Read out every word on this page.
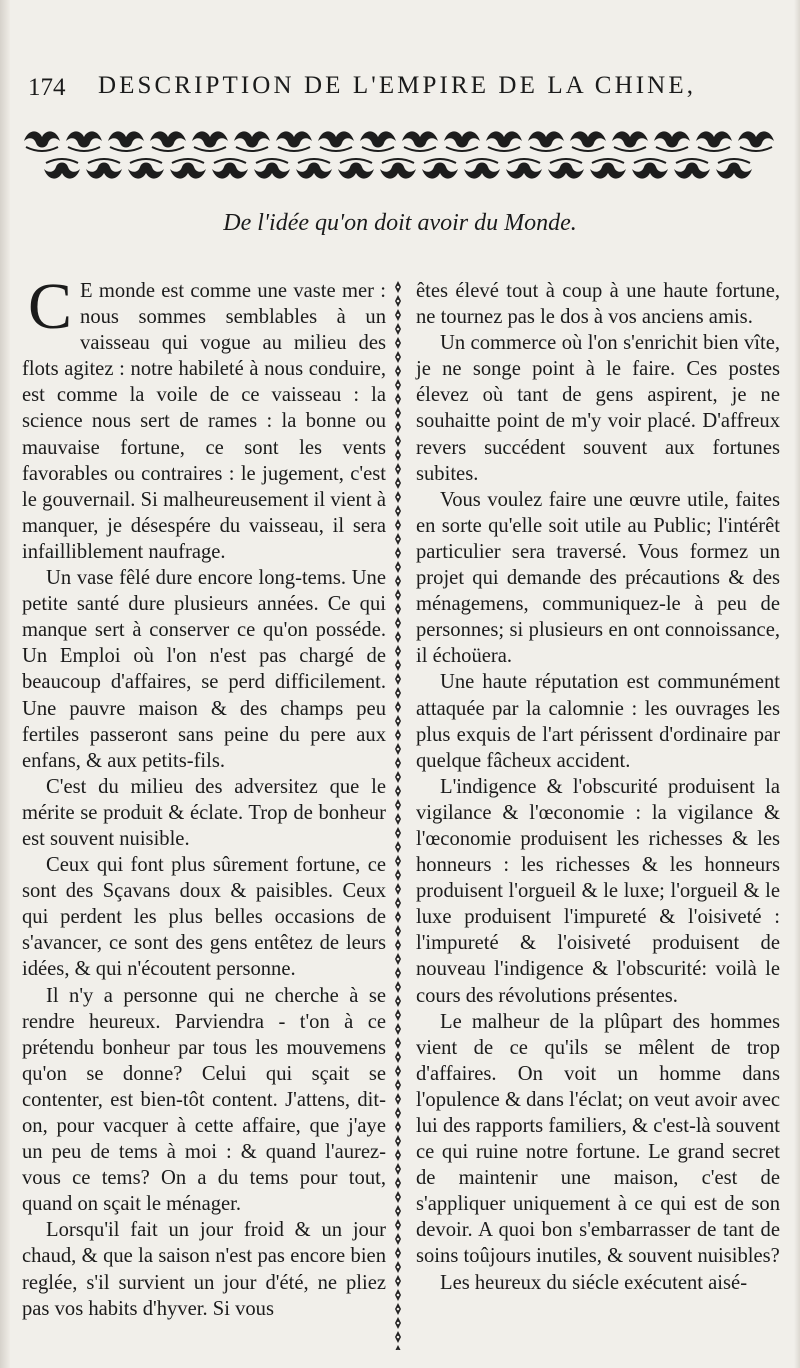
174 DESCRIPTION DE L'EMPIRE DE LA CHINE,
De l'idée qu'on doit avoir du Monde.

C E monde est comme une vaste mer : nous sommes semblables à un vaisseau qui vogue au milieu des flots agitez : notre habileté à nous conduire, est comme la voile de ce vaisseau : la science nous sert de rames : la bonne ou mauvaise fortune, ce sont les vents favorables ou contraires : le jugement, c'est le gouvernail. Si malheureusement il vient à manquer, je désespére du vaisseau, il sera infailliblement naufrage.

Un vase fêlé dure encore long-tems. Une petite santé dure plusieurs années. Ce qui manque sert à conserver ce qu'on posséde. Un Emploi où l'on n'est pas chargé de beaucoup d'affaires, se perd difficilement. Une pauvre maison & des champs peu fertiles passeront sans peine du pere aux enfans, & aux petits-fils.

C'est du milieu des adversitez que le mérite se produit & éclate. Trop de bonheur est souvent nuisible.

Ceux qui font plus sûrement fortune, ce sont des Sçavans doux & paisibles. Ceux qui perdent les plus belles occasions de s'avancer, ce sont des gens entêtez de leurs idées, & qui n'écoutent personne.

Il n'y a personne qui ne cherche à se rendre heureux. Parviendra - t'on à ce prétendu bonheur par tous les mouvemens qu'on se donne? Celui qui sçait se contenter, est bien-tôt content. J'attens, dit-on, pour vacquer à cette affaire, que j'aye un peu de tems à moi : & quand l'aurez-vous ce tems? On a du tems pour tout, quand on sçait le ménager.

Lorsqu'il fait un jour froid & un jour chaud, & que la saison n'est pas encore bien reglée, s'il survient un jour d'été, ne pliez pas vos habits d'hyver. Si vous

êtes élevé tout à coup à une haute fortune, ne tournez pas le dos à vos anciens amis.

Un commerce où l'on s'enrichit bien vîte, je ne songe point à le faire. Ces postes élevez où tant de gens aspirent, je ne souhaitte point de m'y voir placé. D'affreux revers succédent souvent aux fortunes subites.

Vous voulez faire une œuvre utile, faites en sorte qu'elle soit utile au Public; l'intérêt particulier sera traversé. Vous formez un projet qui demande des précautions & des ménagemens, communiquez-le à peu de personnes; si plusieurs en ont connoissance, il échoüera.

Une haute réputation est communément attaquée par la calomnie : les ouvrages les plus exquis de l'art périssent d'ordinaire par quelque fâcheux accident.

L'indigence & l'obscurité produisent la vigilance & l'œconomie : la vigilance & l'œconomie produisent les richesses & les honneurs : les richesses & les honneurs produisent l'orgueil & le luxe; l'orgueil & le luxe produisent l'impureté & l'oisiveté : l'impureté & l'oisiveté produisent de nouveau l'indigence & l'obscurité: voilà le cours des révolutions présentes.

Le malheur de la plûpart des hommes vient de ce qu'ils se mêlent de trop d'affaires. On voit un homme dans l'opulence & dans l'éclat; on veut avoir avec lui des rapports familiers, & c'est-là souvent ce qui ruine notre fortune. Le grand secret de maintenir une maison, c'est de s'appliquer uniquement à ce qui est de son devoir. A quoi bon s'embarrasser de tant de soins toûjours inutiles, & souvent nuisibles?

Les heureux du siécle exécutent aisé-
